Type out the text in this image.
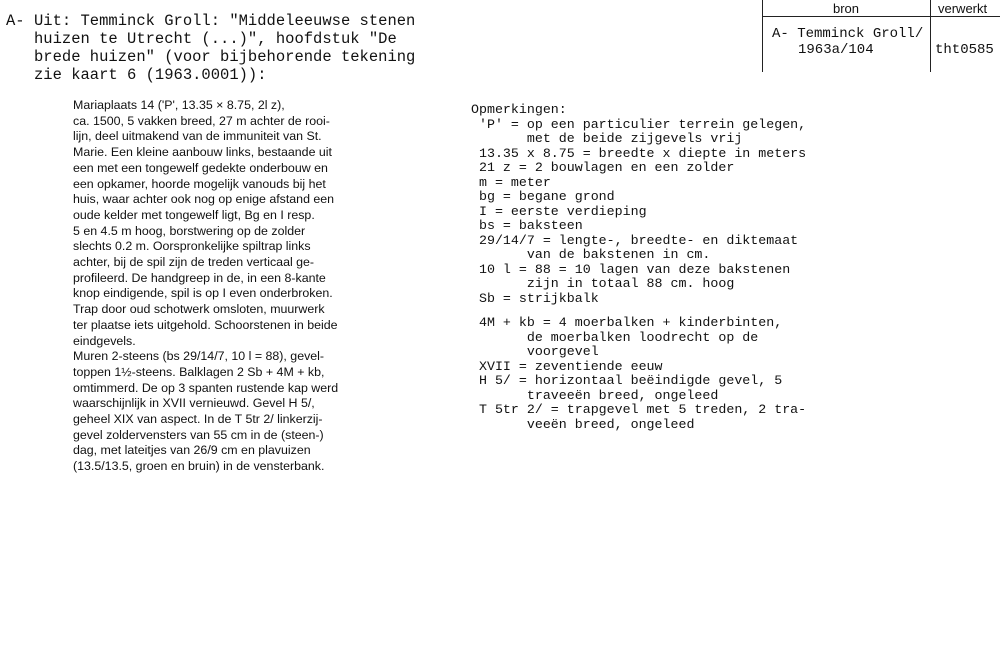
A- Uit: Temminck Groll: "Middeleeuwse stenen
huizen te Utrecht (...)", hoofdstuk "De
brede huizen" (voor bijbehorende tekening
zie kaart 6 (1963.0001)):
bron	verwerkt
A- Temminck Groll/
1963a/104	tht0585
Mariaplaats 14 ('P', 13.35 × 8.75, 2l z),
ca. 1500, 5 vakken breed, 27 m achter de rooi-
lijn, deel uitmakend van de immuniteit van St.
Marie. Een kleine aanbouw links, bestaande uit
een met een tongewelf gedekte onderbouw en
een opkamer, hoorde mogelijk vanouds bij het
huis, waar achter ook nog op enige afstand een
oude kelder met tongewelf ligt, Bg en I resp.
5 en 4.5 m hoog, borstwering op de zolder
slechts 0.2 m. Oorspronkelijke spiltrap links
achter, bij de spil zijn de treden verticaal ge-
profileerd. De handgreep in de, in een 8-kante
knop eindigende, spil is op I even onderbroken.
Trap door oud schotwerk omsloten, muurwerk
ter plaatse iets uitgehold. Schoorstenen in beide
eindgevels.
Muren 2-steens (bs 29/14/7, 10 l = 88), gevel-
toppen 1½-steens. Balklagen 2 Sb + 4M + kb,
omtimmerd. De op 3 spanten rustende kap werd
waarschijnlijk in XVII vernieuwd. Gevel H 5/,
geheel XIX van aspect. In de T 5tr 2/ linkerzij-
gevel zoldervensters van 55 cm in de (steen-)
dag, met lateitjes van 26/9 cm en plavuizen
(13.5/13.5, groen en bruin) in de vensterbank.
Opmerkingen:
'P' = op een particulier terrein gelegen,
met de beide zijgevels vrij
13.35 x 8.75 = breedte x diepte in meters
21 z = 2 bouwlagen en een zolder
m = meter
bg = begane grond
I = eerste verdieping
bs = baksteen
29/14/7 = lengte-, breedte- en diktemaat
van de bakstenen in cm.
10 l = 88 = 10 lagen van deze bakstenen
zijn in totaal 88 cm. hoog
Sb = strijkbalk
4M + kb = 4 moerbalken + kinderbinten,
de moerbalken loodrecht op de
voorgevel
XVII = zeventiende eeuw
H 5/ = horizontaal beëindigde gevel, 5
traveeën breed, ongeleed
T 5tr 2/ = trapgevel met 5 treden, 2 tra-
veeën breed, ongeleed
